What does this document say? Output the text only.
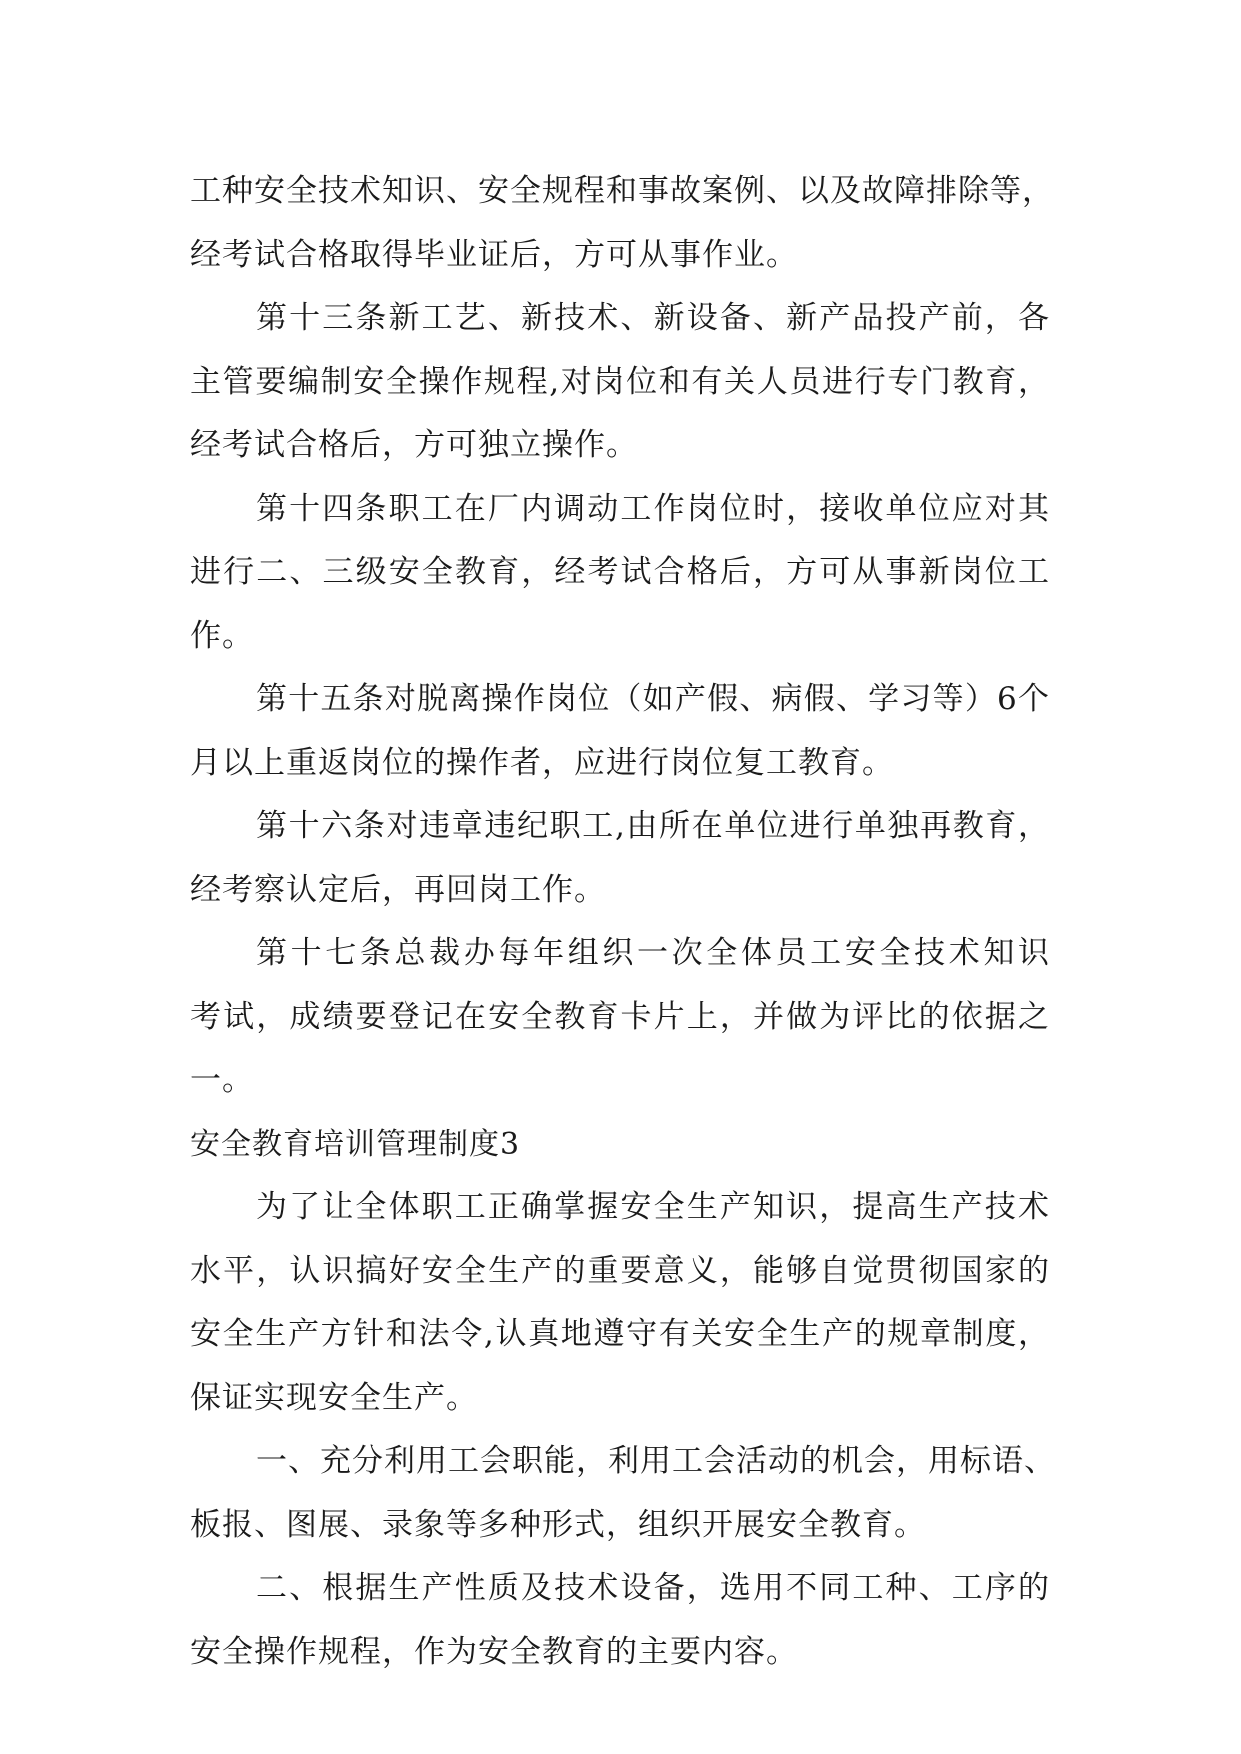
工种安全技术知识、安全规程和事故案例、以及故障排除等，
经考试合格取得毕业证后，方可从事作业。
第十三条新工艺、新技术、新设备、新产品投产前，各
主管要编制安全操作规程,对岗位和有关人员进行专门教育，
经考试合格后，方可独立操作。
第十四条职工在厂内调动工作岗位时，接收单位应对其
进行二、三级安全教育，经考试合格后，方可从事新岗位工
作。
第十五条对脱离操作岗位（如产假、病假、学习等）6个
月以上重返岗位的操作者，应进行岗位复工教育。
第十六条对违章违纪职工,由所在单位进行单独再教育，
经考察认定后，再回岗工作。
第十七条总裁办每年组织一次全体员工安全技术知识
考试，成绩要登记在安全教育卡片上，并做为评比的依据之
一。
安全教育培训管理制度3
为了让全体职工正确掌握安全生产知识，提高生产技术
水平，认识搞好安全生产的重要意义，能够自觉贯彻国家的
安全生产方针和法令,认真地遵守有关安全生产的规章制度，
保证实现安全生产。
一、充分利用工会职能，利用工会活动的机会，用标语、
板报、图展、录象等多种形式，组织开展安全教育。
二、根据生产性质及技术设备，选用不同工种、工序的
安全操作规程，作为安全教育的主要内容。
